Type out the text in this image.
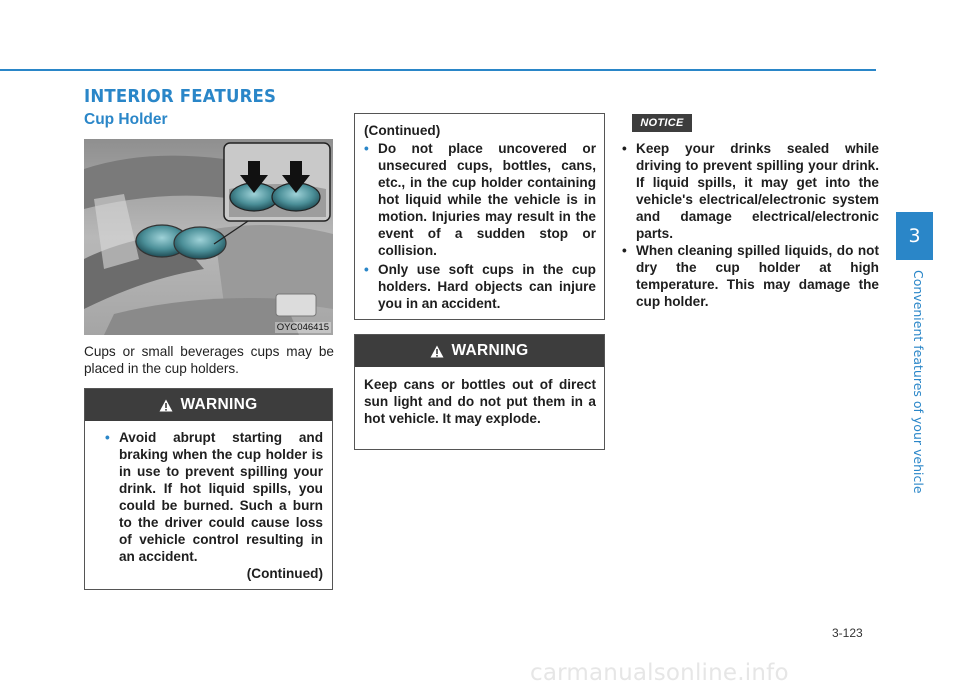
INTERIOR FEATURES
Cup Holder

OYC046415

Cups or small beverages cups may be placed in the cup holders.

WARNING
• Avoid abrupt starting and braking when the cup holder is in use to prevent spilling your drink. If hot liquid spills, you could be burned. Such a burn to the driver could cause loss of vehicle control resulting in an accident.

(Continued)

(Continued)

• Do not place uncovered or unsecured cups, bottles, cans, etc., in the cup holder containing hot liquid while the vehicle is in motion. Injuries may result in the event of a sudden stop or collision.
• Only use soft cups in the cup holders. Hard objects can injure you in an accident.
WARNING
Keep cans or bottles out of direct sun light and do not put them in a hot vehicle. It may explode.
NOTICE
• Keep your drinks sealed while driving to prevent spilling your drink. If liquid spills, it may get into the vehicle's electrical/electronic system and damage electrical/electronic parts.
• When cleaning spilled liquids, do not dry the cup holder at high temperature. This may damage the cup holder.
3

Convenient features of your vehicle

3-123

carmanualsonline.info
